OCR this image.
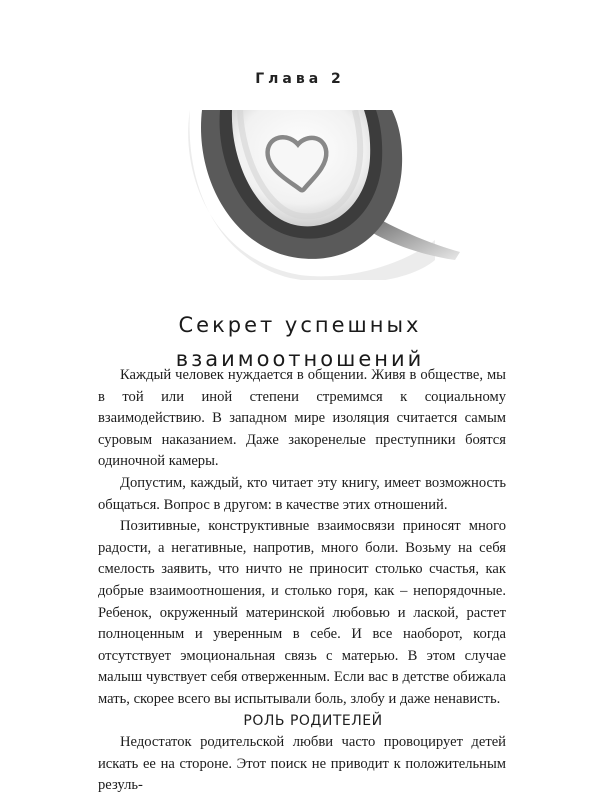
Глава 2
Секрет успешных
взаимоотношений

Каждый человек нуждается в общении. Живя в обществе, мы в той или иной степени стремимся к социальному взаимодействию. В западном мире изоляция считается самым суровым наказанием. Даже закоренелые преступники боятся одиночной камеры.

Допустим, каждый, кто читает эту книгу, имеет возможность общаться. Вопрос в другом: в качестве этих отношений.

Позитивные, конструктивные взаимосвязи приносят много радости, а негативные, напротив, много боли. Возьму на себя смелость заявить, что ничто не приносит столько счастья, как добрые взаимоотношения, и столько горя, как – непорядочные. Ребенок, окруженный материнской любовью и лаской, растет полноценным и уверенным в себе. И все наоборот, когда отсутствует эмоциональная связь с матерью. В этом случае малыш чувствует себя отверженным. Если вас в детстве обижала мать, скорее всего вы испытывали боль, злобу и даже ненависть.

РОЛЬ РОДИТЕЛЕЙ

Недостаток родительской любви часто провоцирует детей искать ее на стороне. Этот поиск не приводит к положительным резуль-
